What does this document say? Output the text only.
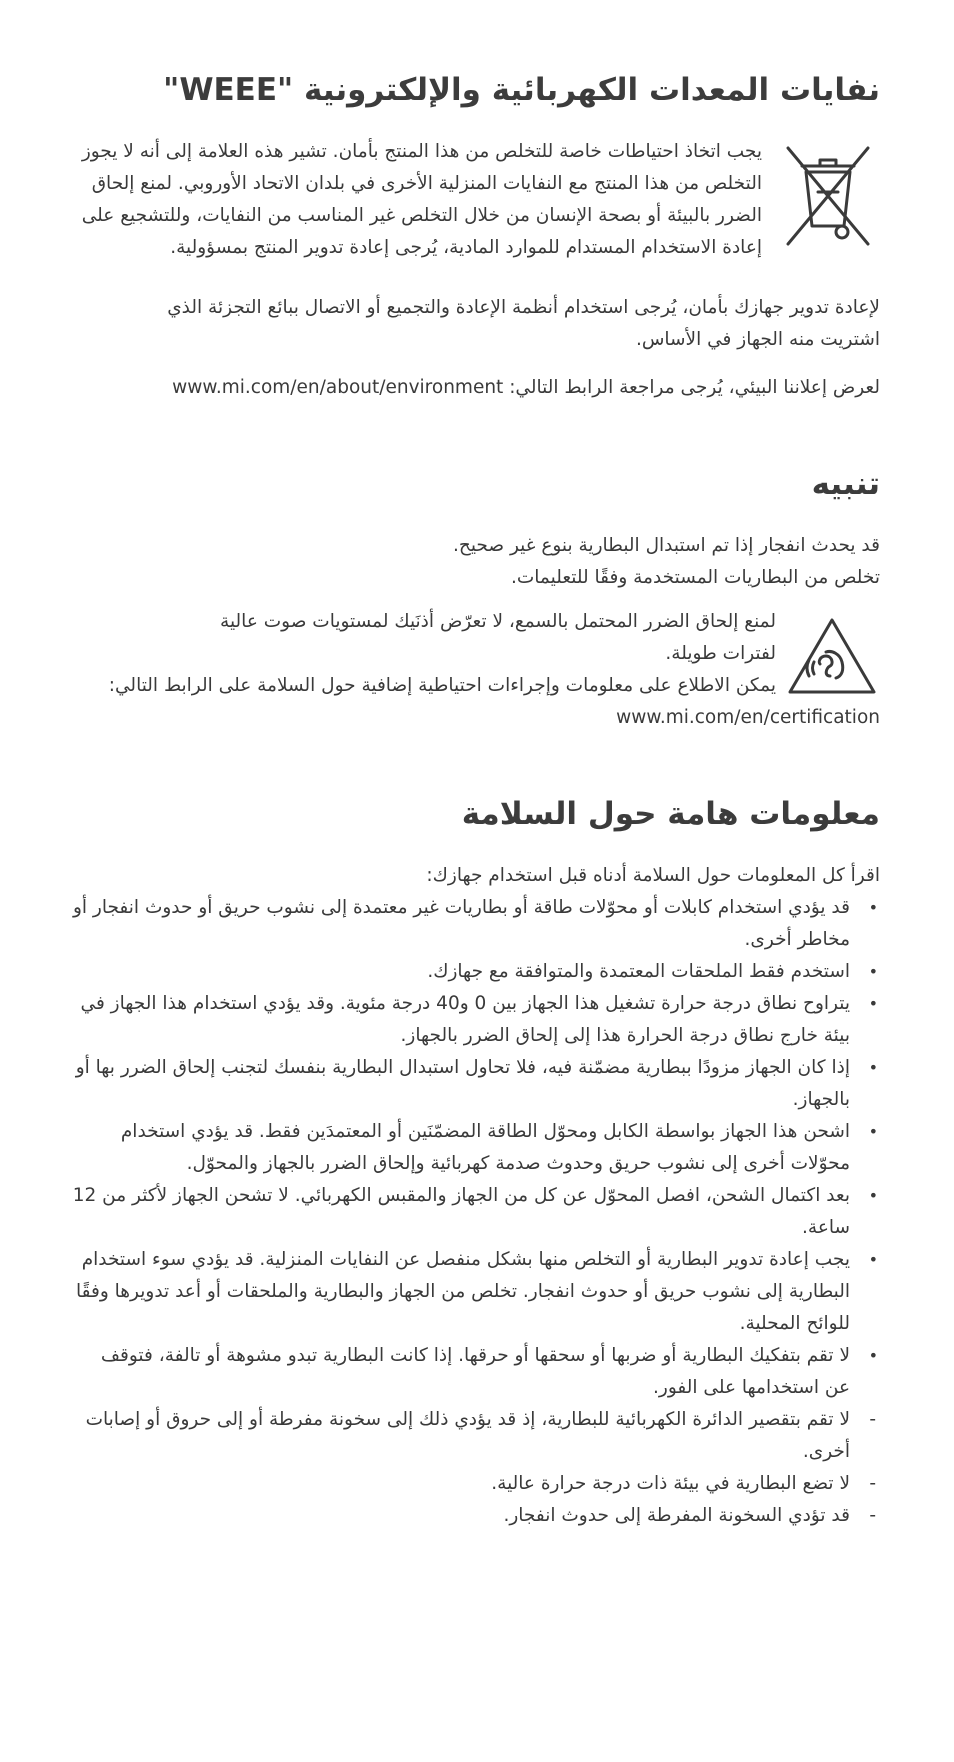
نفايات المعدات الكهربائية والإلكترونية "WEEE"

يجب اتخاذ احتياطات خاصة للتخلص من هذا المنتج بأمان. تشير هذه العلامة إلى أنه لا يجوز التخلص من هذا المنتج مع النفايات المنزلية الأخرى في بلدان الاتحاد الأوروبي. لمنع إلحاق الضرر بالبيئة أو بصحة الإنسان من خلال التخلص غير المناسب من النفايات، وللتشجيع على إعادة الاستخدام المستدام للموارد المادية، يُرجى إعادة تدوير المنتج بمسؤولية.

لإعادة تدوير جهازك بأمان، يُرجى استخدام أنظمة الإعادة والتجميع أو الاتصال ببائع التجزئة الذي اشتريت منه الجهاز في الأساس.

لعرض إعلاننا البيئي، يُرجى مراجعة الرابط التالي: www.mi.com/en/about/environment

تنبيه

قد يحدث انفجار إذا تم استبدال البطارية بنوع غير صحيح.

تخلص من البطاريات المستخدمة وفقًا للتعليمات.

لمنع إلحاق الضرر المحتمل بالسمع، لا تعرّض أذنَيك لمستويات صوت عالية لفترات طويلة.

يمكن الاطلاع على معلومات وإجراءات احتياطية إضافية حول السلامة على الرابط التالي:

www.mi.com/en/certification

معلومات هامة حول السلامة

اقرأ كل المعلومات حول السلامة أدناه قبل استخدام جهازك:

• قد يؤدي استخدام كابلات أو محوّلات طاقة أو بطاريات غير معتمدة إلى نشوب حريق أو حدوث انفجار أو مخاطر أخرى.
• استخدم فقط الملحقات المعتمدة والمتوافقة مع جهازك.
• يتراوح نطاق درجة حرارة تشغيل هذا الجهاز بين 0 و40 درجة مئوية. وقد يؤدي استخدام هذا الجهاز في بيئة خارج نطاق درجة الحرارة هذا إلى إلحاق الضرر بالجهاز.
• إذا كان الجهاز مزودًا ببطارية مضمّنة فيه، فلا تحاول استبدال البطارية بنفسك لتجنب إلحاق الضرر بها أو بالجهاز.
• اشحن هذا الجهاز بواسطة الكابل ومحوّل الطاقة المضمّنَين أو المعتمدَين فقط. قد يؤدي استخدام محوّلات أخرى إلى نشوب حريق وحدوث صدمة كهربائية وإلحاق الضرر بالجهاز والمحوّل.
• بعد اكتمال الشحن، افصل المحوّل عن كل من الجهاز والمقبس الكهربائي. لا تشحن الجهاز لأكثر من 12 ساعة.
• يجب إعادة تدوير البطارية أو التخلص منها بشكل منفصل عن النفايات المنزلية. قد يؤدي سوء استخدام البطارية إلى نشوب حريق أو حدوث انفجار. تخلص من الجهاز والبطارية والملحقات أو أعد تدويرها وفقًا للوائح المحلية.
• لا تقم بتفكيك البطارية أو ضربها أو سحقها أو حرقها. إذا كانت البطارية تبدو مشوهة أو تالفة، فتوقف عن استخدامها على الفور.
- لا تقم بتقصير الدائرة الكهربائية للبطارية، إذ قد يؤدي ذلك إلى سخونة مفرطة أو إلى حروق أو إصابات أخرى.
- لا تضع البطارية في بيئة ذات درجة حرارة عالية.
- قد تؤدي السخونة المفرطة إلى حدوث انفجار.
